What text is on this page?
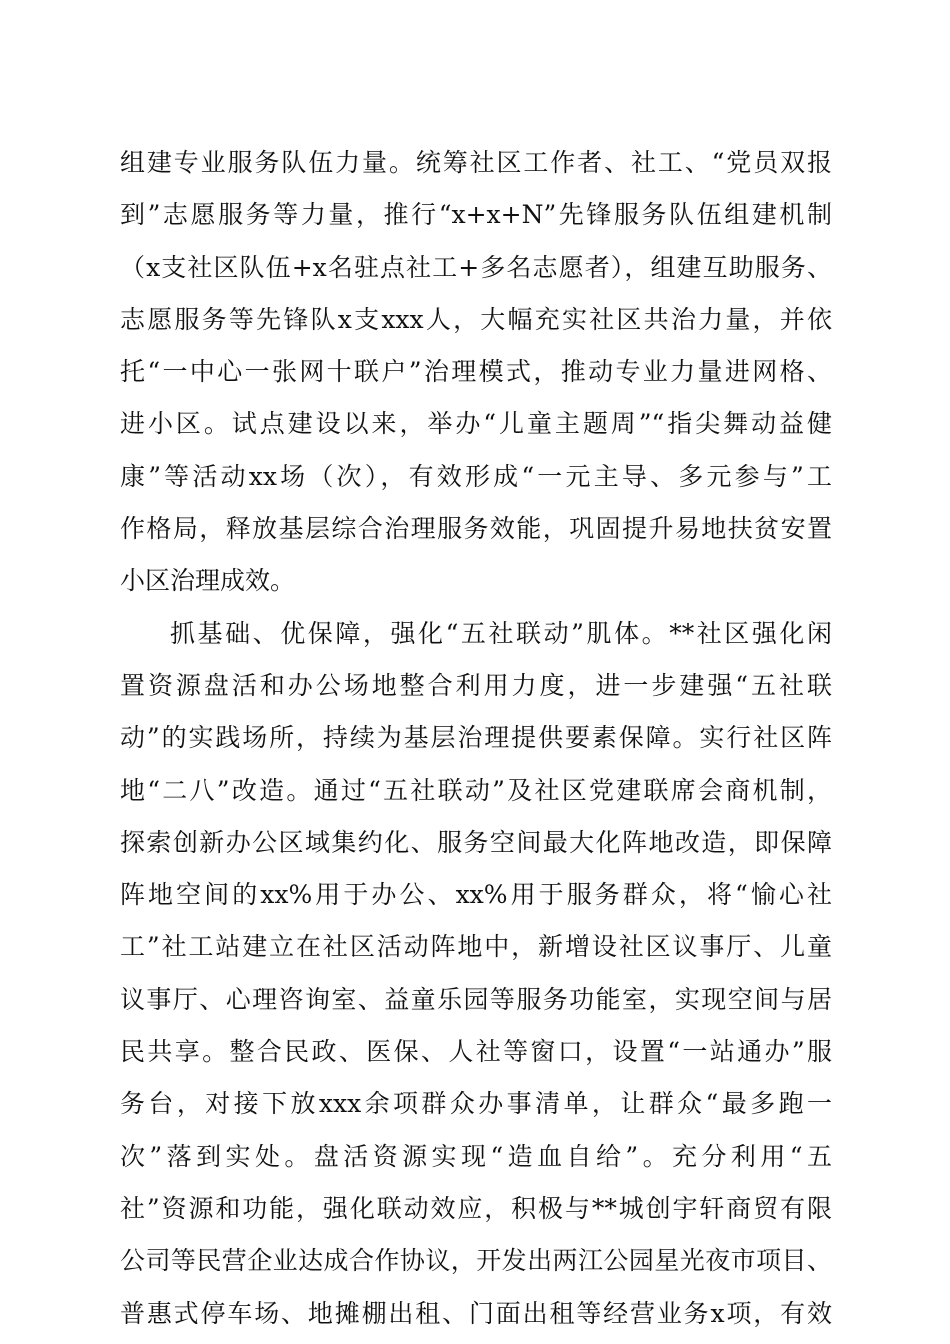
组建专业服务队伍力量。统筹社区工作者、社工、“党员双报
到”志愿服务等力量，推行“x+x+N”先锋服务队伍组建机制
（x支社区队伍+x名驻点社工+多名志愿者），组建互助服务、
志愿服务等先锋队x支xxx人，大幅充实社区共治力量，并依
托“一中心一张网十联户”治理模式，推动专业力量进网格、
进小区。试点建设以来，举办“儿童主题周”“指尖舞动益健
康”等活动xx场（次），有效形成“一元主导、多元参与”工
作格局，释放基层综合治理服务效能，巩固提升易地扶贫安置
小区治理成效。
抓基础、优保障，强化“五社联动”肌体。**社区强化闲
置资源盘活和办公场地整合利用力度，进一步建强“五社联
动”的实践场所，持续为基层治理提供要素保障。实行社区阵
地“二八”改造。通过“五社联动”及社区党建联席会商机制，
探索创新办公区域集约化、服务空间最大化阵地改造，即保障
阵地空间的xx%用于办公、xx%用于服务群众，将“愉心社
工”社工站建立在社区活动阵地中，新增设社区议事厅、儿童
议事厅、心理咨询室、益童乐园等服务功能室，实现空间与居
民共享。整合民政、医保、人社等窗口，设置“一站通办”服
务台，对接下放xxx余项群众办事清单，让群众“最多跑一
次”落到实处。盘活资源实现“造血自给”。充分利用“五
社”资源和功能，强化联动效应，积极与**城创宇轩商贸有限
公司等民营企业达成合作协议，开发出两江公园星光夜市项目、
普惠式停车场、地摊棚出租、门面出租等经营业务x项，有效
